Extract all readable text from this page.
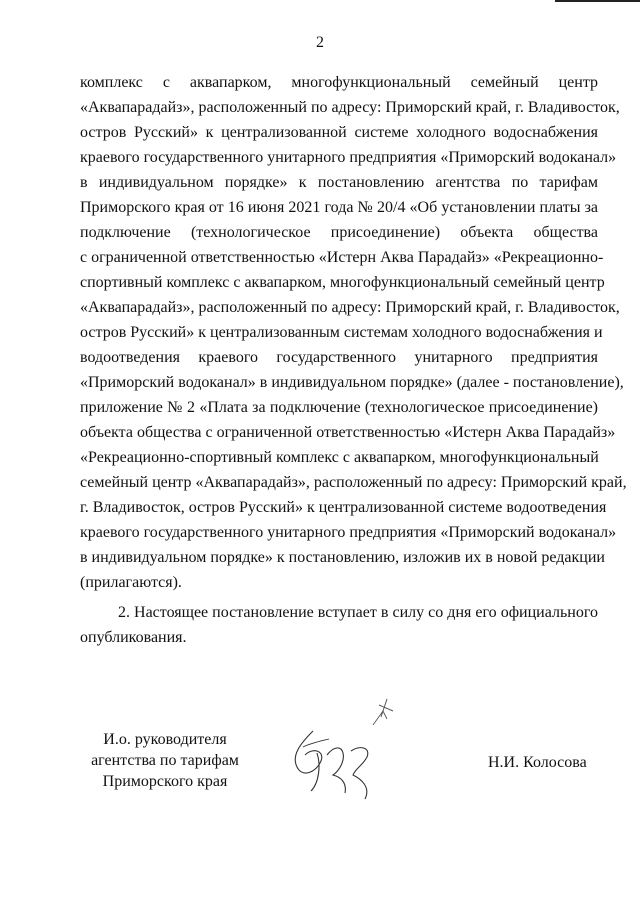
2
комплекс с аквапарком, многофункциональный семейный центр
«Аквапарадайз», расположенный по адресу: Приморский край, г. Владивосток,
остров Русский» к централизованной системе холодного водоснабжения
краевого государственного унитарного предприятия «Приморский водоканал»
в индивидуальном порядке» к постановлению агентства по тарифам
Приморского края от 16 июня 2021 года № 20/4 «Об установлении платы за
подключение (технологическое присоединение) объекта общества
с ограниченной ответственностью «Истерн Аква Парадайз» «Рекреационно-
спортивный комплекс с аквапарком, многофункциональный семейный центр
«Аквапарадайз», расположенный по адресу: Приморский край, г. Владивосток,
остров Русский» к централизованным системам холодного водоснабжения и
водоотведения краевого государственного унитарного предприятия
«Приморский водоканал» в индивидуальном порядке» (далее - постановление),
приложение № 2 «Плата за подключение (технологическое присоединение)
объекта общества с ограниченной ответственностью «Истерн Аква Парадайз»
«Рекреационно-спортивный комплекс с аквапарком, многофункциональный
семейный центр «Аквапарадайз», расположенный по адресу: Приморский край,
г. Владивосток, остров Русский» к централизованной системе водоотведения
краевого государственного унитарного предприятия «Приморский водоканал»
в индивидуальном порядке» к постановлению, изложив их в новой редакции
(прилагаются).
2. Настоящее постановление вступает в силу со дня его официального
опубликования.
И.о. руководителя
агентства по тарифам
Приморского края
Н.И. Колосова
